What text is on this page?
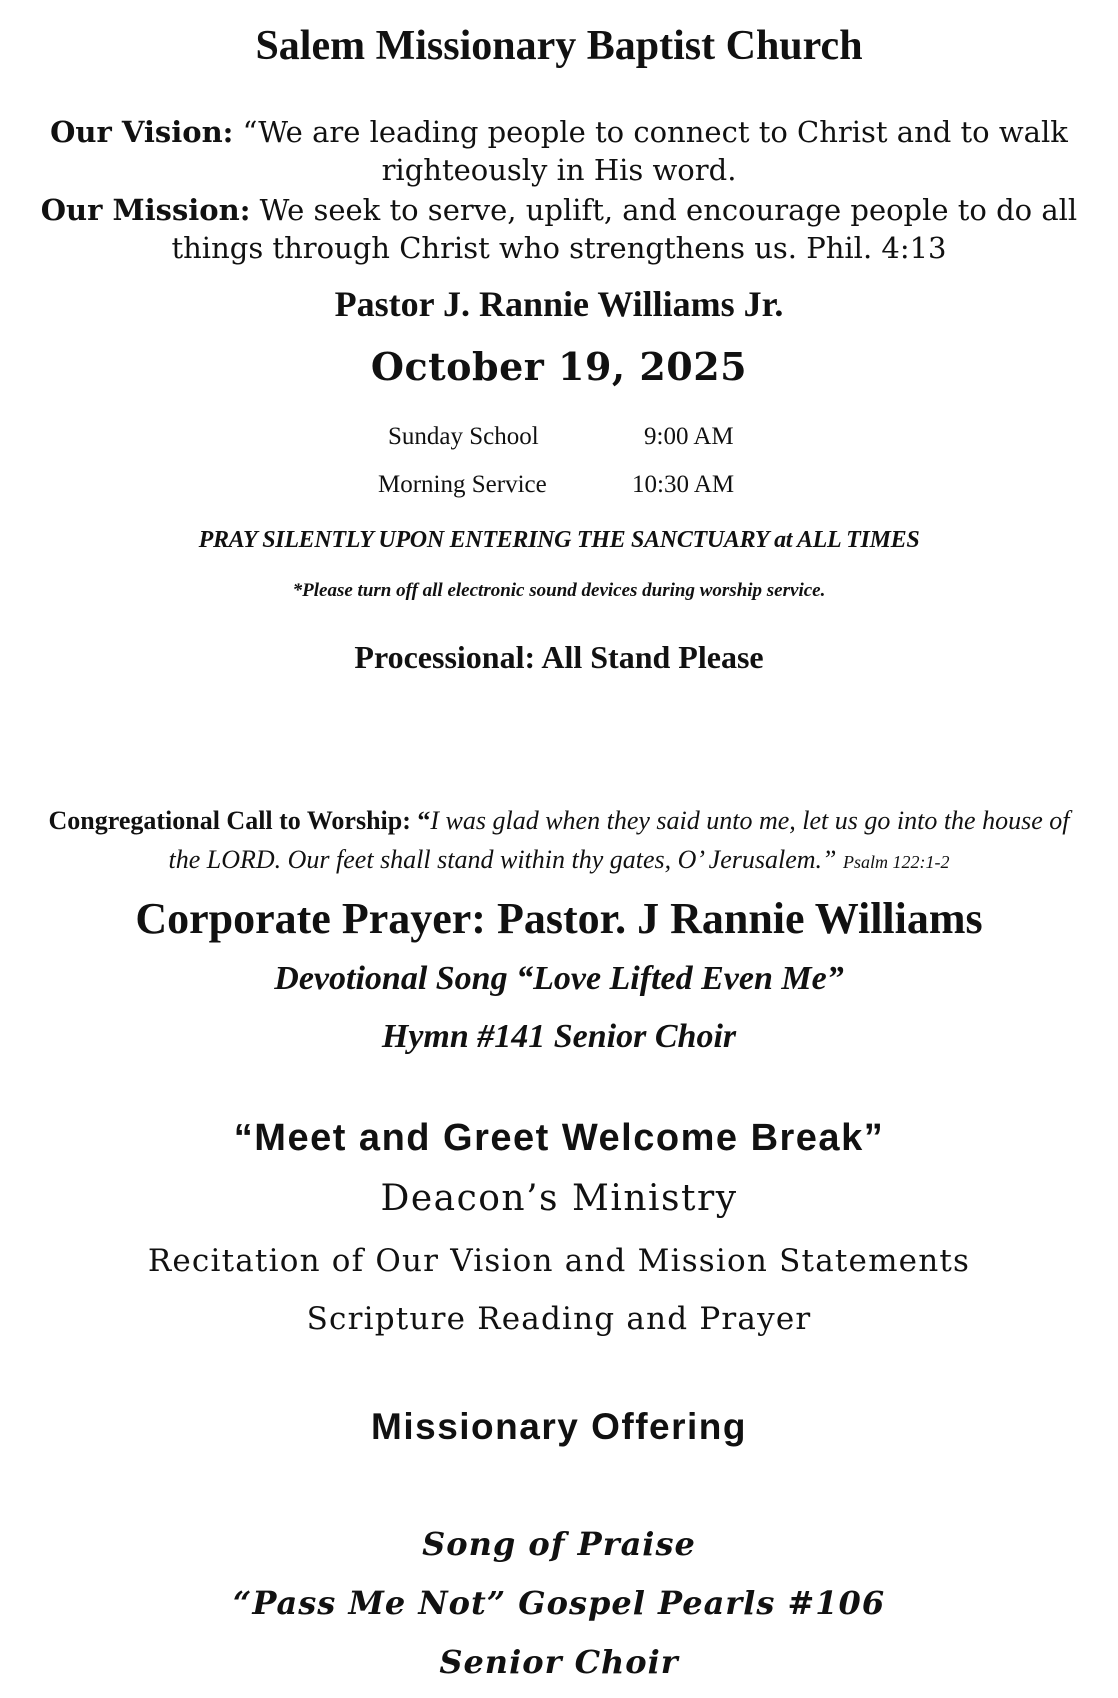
Salem Missionary Baptist Church
Our Vision: “We are leading people to connect to Christ and to walk righteously in His word.
Our Mission: We seek to serve, uplift, and encourage people to do all things through Christ who strengthens us. Phil. 4:13
Pastor J. Rannie Williams Jr.
October 19, 2025
Sunday School	9:00 AM
Morning Service	10:30 AM
PRAY SILENTLY UPON ENTERING THE SANCTUARY at ALL TIMES
*Please turn off all electronic sound devices during worship service.
Processional: All Stand Please
Congregational Call to Worship: “I was glad when they said unto me, let us go into the house of the LORD. Our feet shall stand within thy gates, O’ Jerusalem.” Psalm 122:1-2
Corporate Prayer: Pastor. J Rannie Williams
Devotional Song “Love Lifted Even Me”
Hymn #141 Senior Choir
“Meet and Greet Welcome Break”
Deacon’s Ministry
Recitation of Our Vision and Mission Statements
Scripture Reading and Prayer
Missionary Offering
Song of Praise
“Pass Me Not” Gospel Pearls #106
Senior Choir
